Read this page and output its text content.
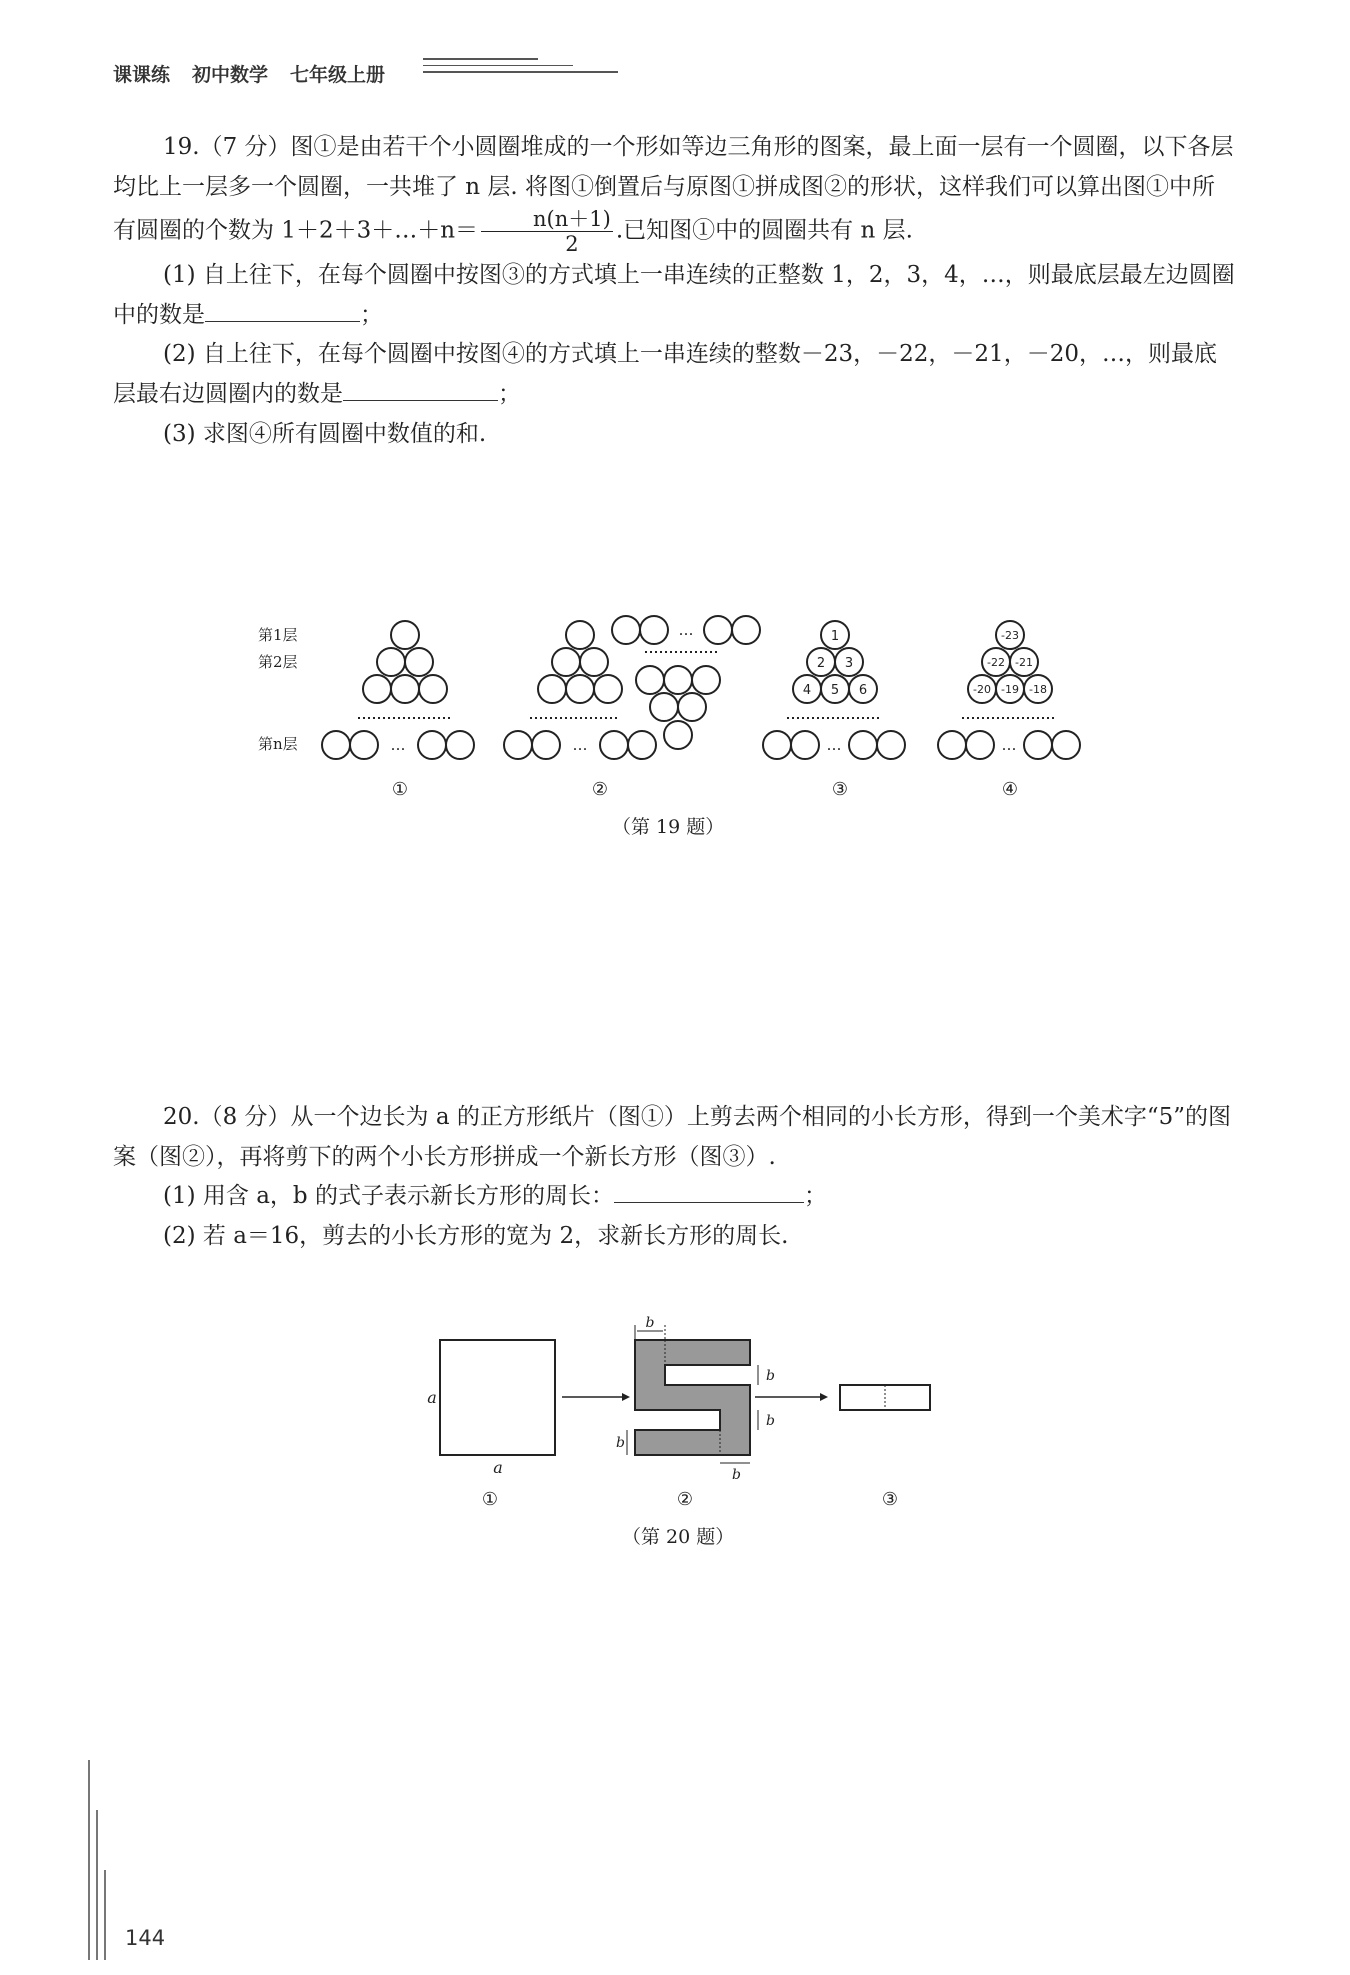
课课练 初中数学 七年级上册

19.（7 分）图①是由若干个小圆圈堆成的一个形如等边三角形的图案，最上面一层有一个圆圈，以下各层均比上一层多一个圆圈，一共堆了 n 层. 将图①倒置后与原图①拼成图②的形状，这样我们可以算出图①中所有圆圈的个数为 1＋2＋3＋…＋n＝ $\frac{n(n+1)}{2}$ .已知图①中的圆圈共有 n 层.

(1) 自上往下，在每个圆圈中按图③的方式填上一串连续的正整数 1，2，3，4，…，则最底层最左边圆圈中的数是	；

(2) 自上往下，在每个圆圈中按图④的方式填上一串连续的整数－23，－22，－21，－20，…，则最底层最右边圆圈内的数是	；

(3) 求图④所有圆圈中数值的和.

第1层
第2层
第n层	…	…
…
…	…
1
2 3
4 5 6
-23
-22 -21
-20 -19 -18
①	②	③	④
（第 19 题）

20.（8 分）从一个边长为 a 的正方形纸片（图①）上剪去两个相同的小长方形，得到一个美术字“5”的图案（图②），再将剪下的两个小长方形拼成一个新长方形（图③）.

(1) 用含 a，b 的式子表示新长方形的周长：	；

(2) 若 a＝16，剪去的小长方形的宽为 2，求新长方形的周长.

a
a
b
b
b
b
b
①	②	③
（第 20 题）
144
